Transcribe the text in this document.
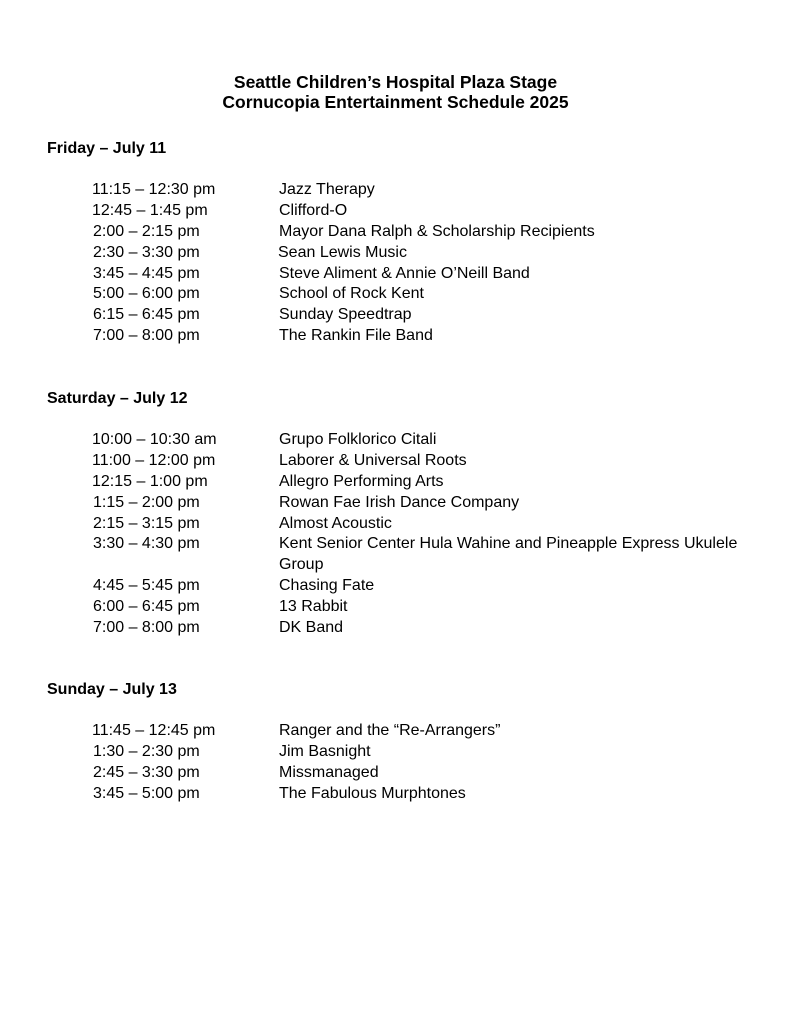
Seattle Children’s Hospital Plaza Stage
Cornucopia Entertainment Schedule 2025
Friday – July 11
11:15 – 12:30 pm	Jazz Therapy
12:45 – 1:45 pm	Clifford-O
2:00 – 2:15 pm	Mayor Dana Ralph & Scholarship Recipients
2:30 – 3:30 pm	Sean Lewis Music
3:45 – 4:45 pm	Steve Aliment & Annie O’Neill Band
5:00 – 6:00 pm	School of Rock Kent
6:15 – 6:45 pm	Sunday Speedtrap
7:00 – 8:00 pm	The Rankin File Band
Saturday – July 12
10:00 – 10:30 am	Grupo Folklorico Citali
11:00 – 12:00 pm	Laborer & Universal Roots
12:15 – 1:00 pm	Allegro Performing Arts
1:15 – 2:00 pm	Rowan Fae Irish Dance Company
2:15 – 3:15 pm	Almost Acoustic
3:30 – 4:30 pm	Kent Senior Center Hula Wahine and Pineapple Express Ukulele Group
4:45 – 5:45 pm	Chasing Fate
6:00 – 6:45 pm	13 Rabbit
7:00 – 8:00 pm	DK Band
Sunday – July 13
11:45 – 12:45 pm	Ranger and the “Re-Arrangers”
1:30 – 2:30 pm	Jim Basnight
2:45 – 3:30 pm	Missmanaged
3:45 – 5:00 pm	The Fabulous Murphtones
